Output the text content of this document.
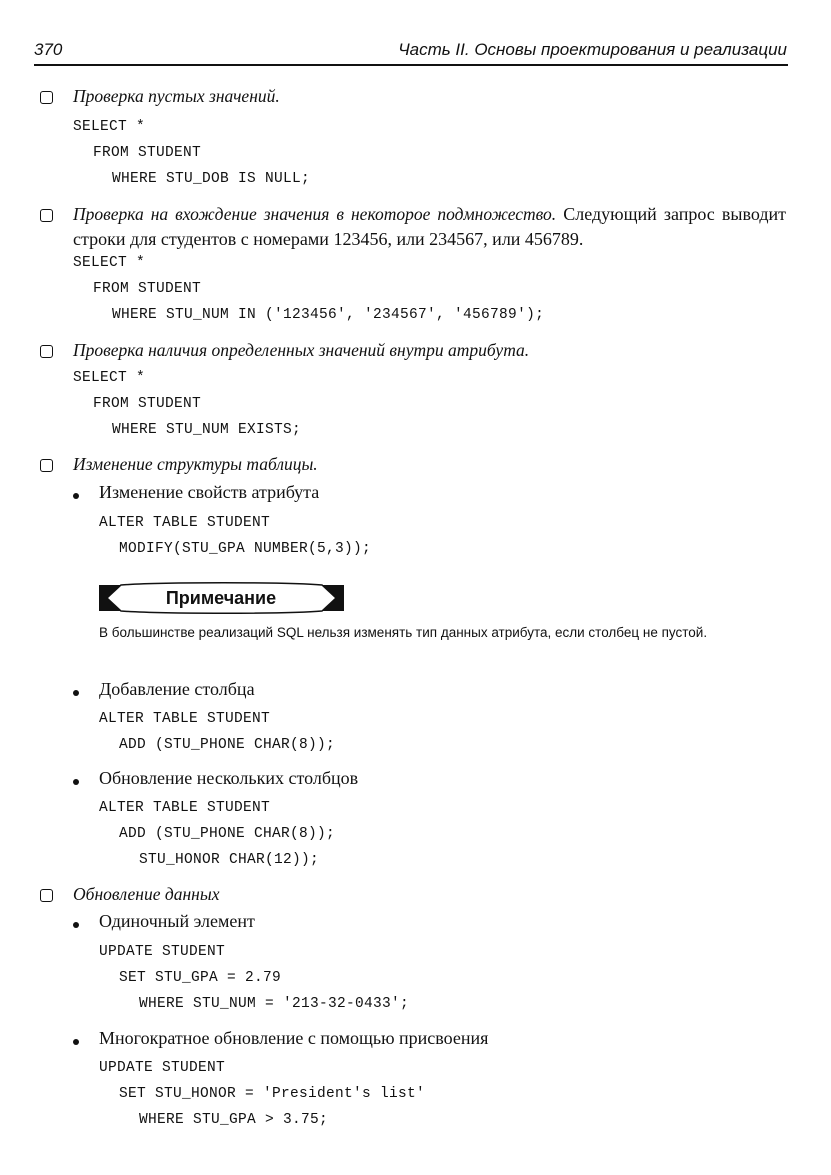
370	Часть II. Основы проектирования и реализации
Проверка пустых значений.
SELECT *
FROM STUDENT
WHERE STU_DOB IS NULL;
Проверка на вхождение значения в некоторое подмножество. Следующий запрос выводит строки для студентов с номерами 123456, или 234567, или 456789.
SELECT *
FROM STUDENT
WHERE STU_NUM IN ('123456', '234567', '456789');
Проверка наличия определенных значений внутри атрибута.
SELECT *
FROM STUDENT
WHERE STU_NUM EXISTS;
Изменение структуры таблицы.
Изменение свойств атрибута
ALTER TABLE STUDENT
MODIFY(STU_GPA NUMBER(5,3));
Примечание
В большинстве реализаций SQL нельзя изменять тип данных атрибута, если столбец не пустой.
Добавление столбца
ALTER TABLE STUDENT
ADD (STU_PHONE CHAR(8));
Обновление нескольких столбцов
ALTER TABLE STUDENT
ADD (STU_PHONE CHAR(8));
STU_HONOR CHAR(12));
Обновление данных
Одиночный элемент
UPDATE STUDENT
SET STU_GPA = 2.79
WHERE STU_NUM = '213-32-0433';
Многократное обновление с помощью присвоения
UPDATE STUDENT
SET STU_HONOR = 'President's list'
WHERE STU_GPA > 3.75;
